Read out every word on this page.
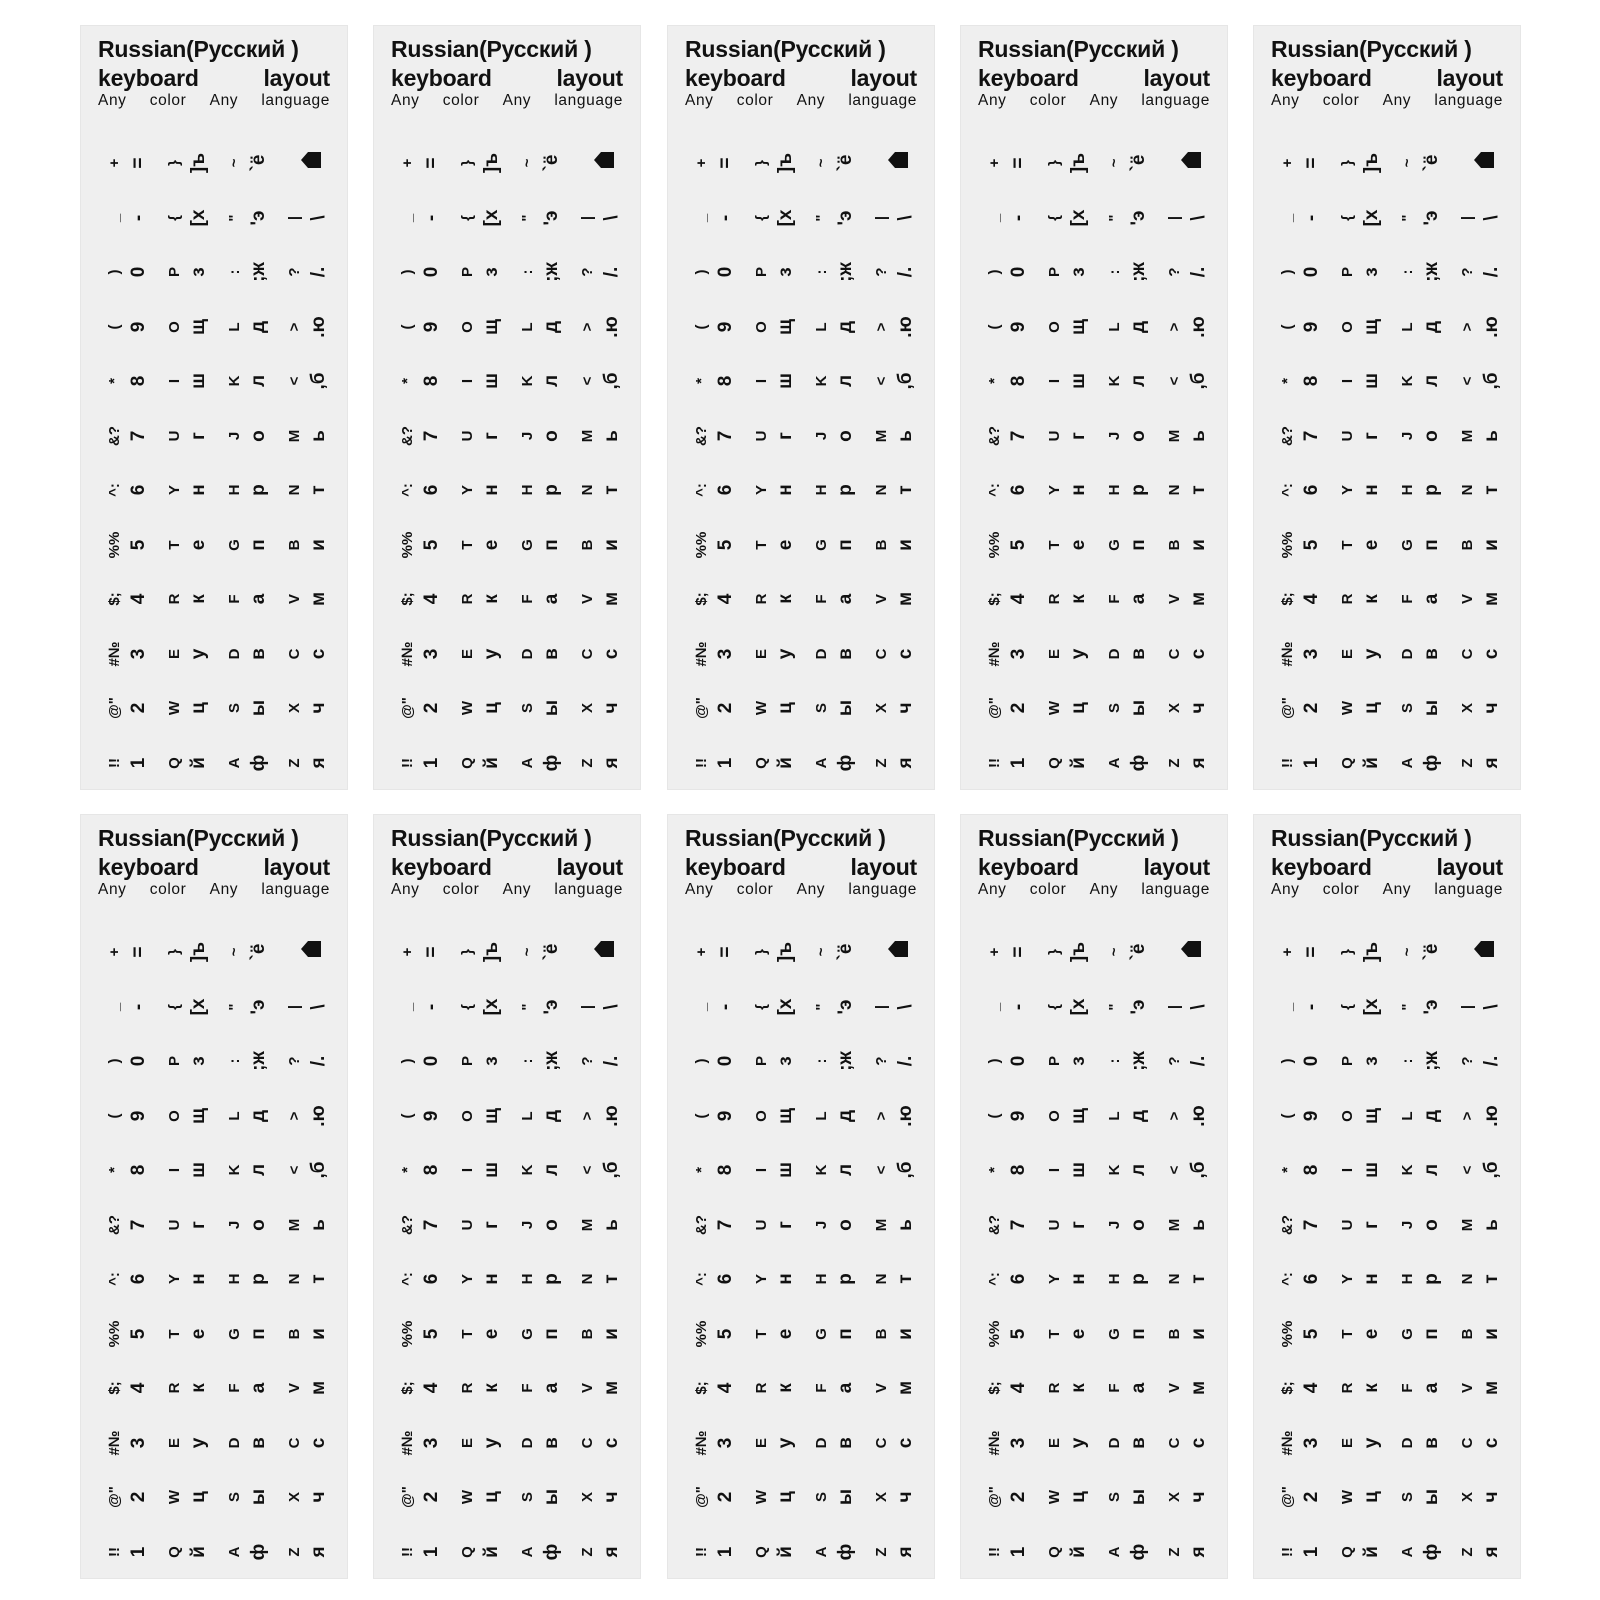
Russian(Русский )
keyboard	layout
Any color Any language
+ = } ]ъ ~ `ё
_ - { [х " 'э | \
) 0 P з : ;ж ? /.
( 9 O щ L д > .ю
* 8 I ш K л < ,б
&? 7 U г J о M ь
^: 6 Y н H р N т
%% 5 T е G п B и
$; 4 R к F а V м
#№ 3 E у D в C с
@" 2 W ц S ы X ч
!! 1 Q й A ф Z я
Russian(Русский )
keyboard	layout
Any color Any language
+ = } ]ъ ~ `ё
_ - { [х " 'э | \
) 0 P з : ;ж ? /.
( 9 O щ L д > .ю
* 8 I ш K л < ,б
&? 7 U г J о M ь
^: 6 Y н H р N т
%% 5 T е G п B и
$; 4 R к F а V м
#№ 3 E у D в C с
@" 2 W ц S ы X ч
!! 1 Q й A ф Z я
Russian(Русский )
keyboard	layout
Any color Any language
+ = } ]ъ ~ `ё
_ - { [х " 'э | \
) 0 P з : ;ж ? /.
( 9 O щ L д > .ю
* 8 I ш K л < ,б
&? 7 U г J о M ь
^: 6 Y н H р N т
%% 5 T е G п B и
$; 4 R к F а V м
#№ 3 E у D в C с
@" 2 W ц S ы X ч
!! 1 Q й A ф Z я
Russian(Русский )
keyboard	layout
Any color Any language
+ = } ]ъ ~ `ё
_ - { [х " 'э | \
) 0 P з : ;ж ? /.
( 9 O щ L д > .ю
* 8 I ш K л < ,б
&? 7 U г J о M ь
^: 6 Y н H р N т
%% 5 T е G п B и
$; 4 R к F а V м
#№ 3 E у D в C с
@" 2 W ц S ы X ч
!! 1 Q й A ф Z я
Russian(Русский )
keyboard	layout
Any color Any language
+ = } ]ъ ~ `ё
_ - { [х " 'э | \
) 0 P з : ;ж ? /.
( 9 O щ L д > .ю
* 8 I ш K л < ,б
&? 7 U г J о M ь
^: 6 Y н H р N т
%% 5 T е G п B и
$; 4 R к F а V м
#№ 3 E у D в C с
@" 2 W ц S ы X ч
!! 1 Q й A ф Z я
Russian(Русский )
keyboard	layout
Any color Any language
+ = } ]ъ ~ `ё
_ - { [х " 'э | \
) 0 P з : ;ж ? /.
( 9 O щ L д > .ю
* 8 I ш K л < ,б
&? 7 U г J о M ь
^: 6 Y н H р N т
%% 5 T е G п B и
$; 4 R к F а V м
#№ 3 E у D в C с
@" 2 W ц S ы X ч
!! 1 Q й A ф Z я
Russian(Русский )
keyboard	layout
Any color Any language
+ = } ]ъ ~ `ё
_ - { [х " 'э | \
) 0 P з : ;ж ? /.
( 9 O щ L д > .ю
* 8 I ш K л < ,б
&? 7 U г J о M ь
^: 6 Y н H р N т
%% 5 T е G п B и
$; 4 R к F а V м
#№ 3 E у D в C с
@" 2 W ц S ы X ч
!! 1 Q й A ф Z я
Russian(Русский )
keyboard	layout
Any color Any language
+ = } ]ъ ~ `ё
_ - { [х " 'э | \
) 0 P з : ;ж ? /.
( 9 O щ L д > .ю
* 8 I ш K л < ,б
&? 7 U г J о M ь
^: 6 Y н H р N т
%% 5 T е G п B и
$; 4 R к F а V м
#№ 3 E у D в C с
@" 2 W ц S ы X ч
!! 1 Q й A ф Z я
Russian(Русский )
keyboard	layout
Any color Any language
+ = } ]ъ ~ `ё
_ - { [х " 'э | \
) 0 P з : ;ж ? /.
( 9 O щ L д > .ю
* 8 I ш K л < ,б
&? 7 U г J о M ь
^: 6 Y н H р N т
%% 5 T е G п B и
$; 4 R к F а V м
#№ 3 E у D в C с
@" 2 W ц S ы X ч
!! 1 Q й A ф Z я
Russian(Русский )
keyboard	layout
Any color Any language
+ = } ]ъ ~ `ё
_ - { [х " 'э | \
) 0 P з : ;ж ? /.
( 9 O щ L д > .ю
* 8 I ш K л < ,б
&? 7 U г J о M ь
^: 6 Y н H р N т
%% 5 T е G п B и
$; 4 R к F а V м
#№ 3 E у D в C с
@" 2 W ц S ы X ч
!! 1 Q й A ф Z я
